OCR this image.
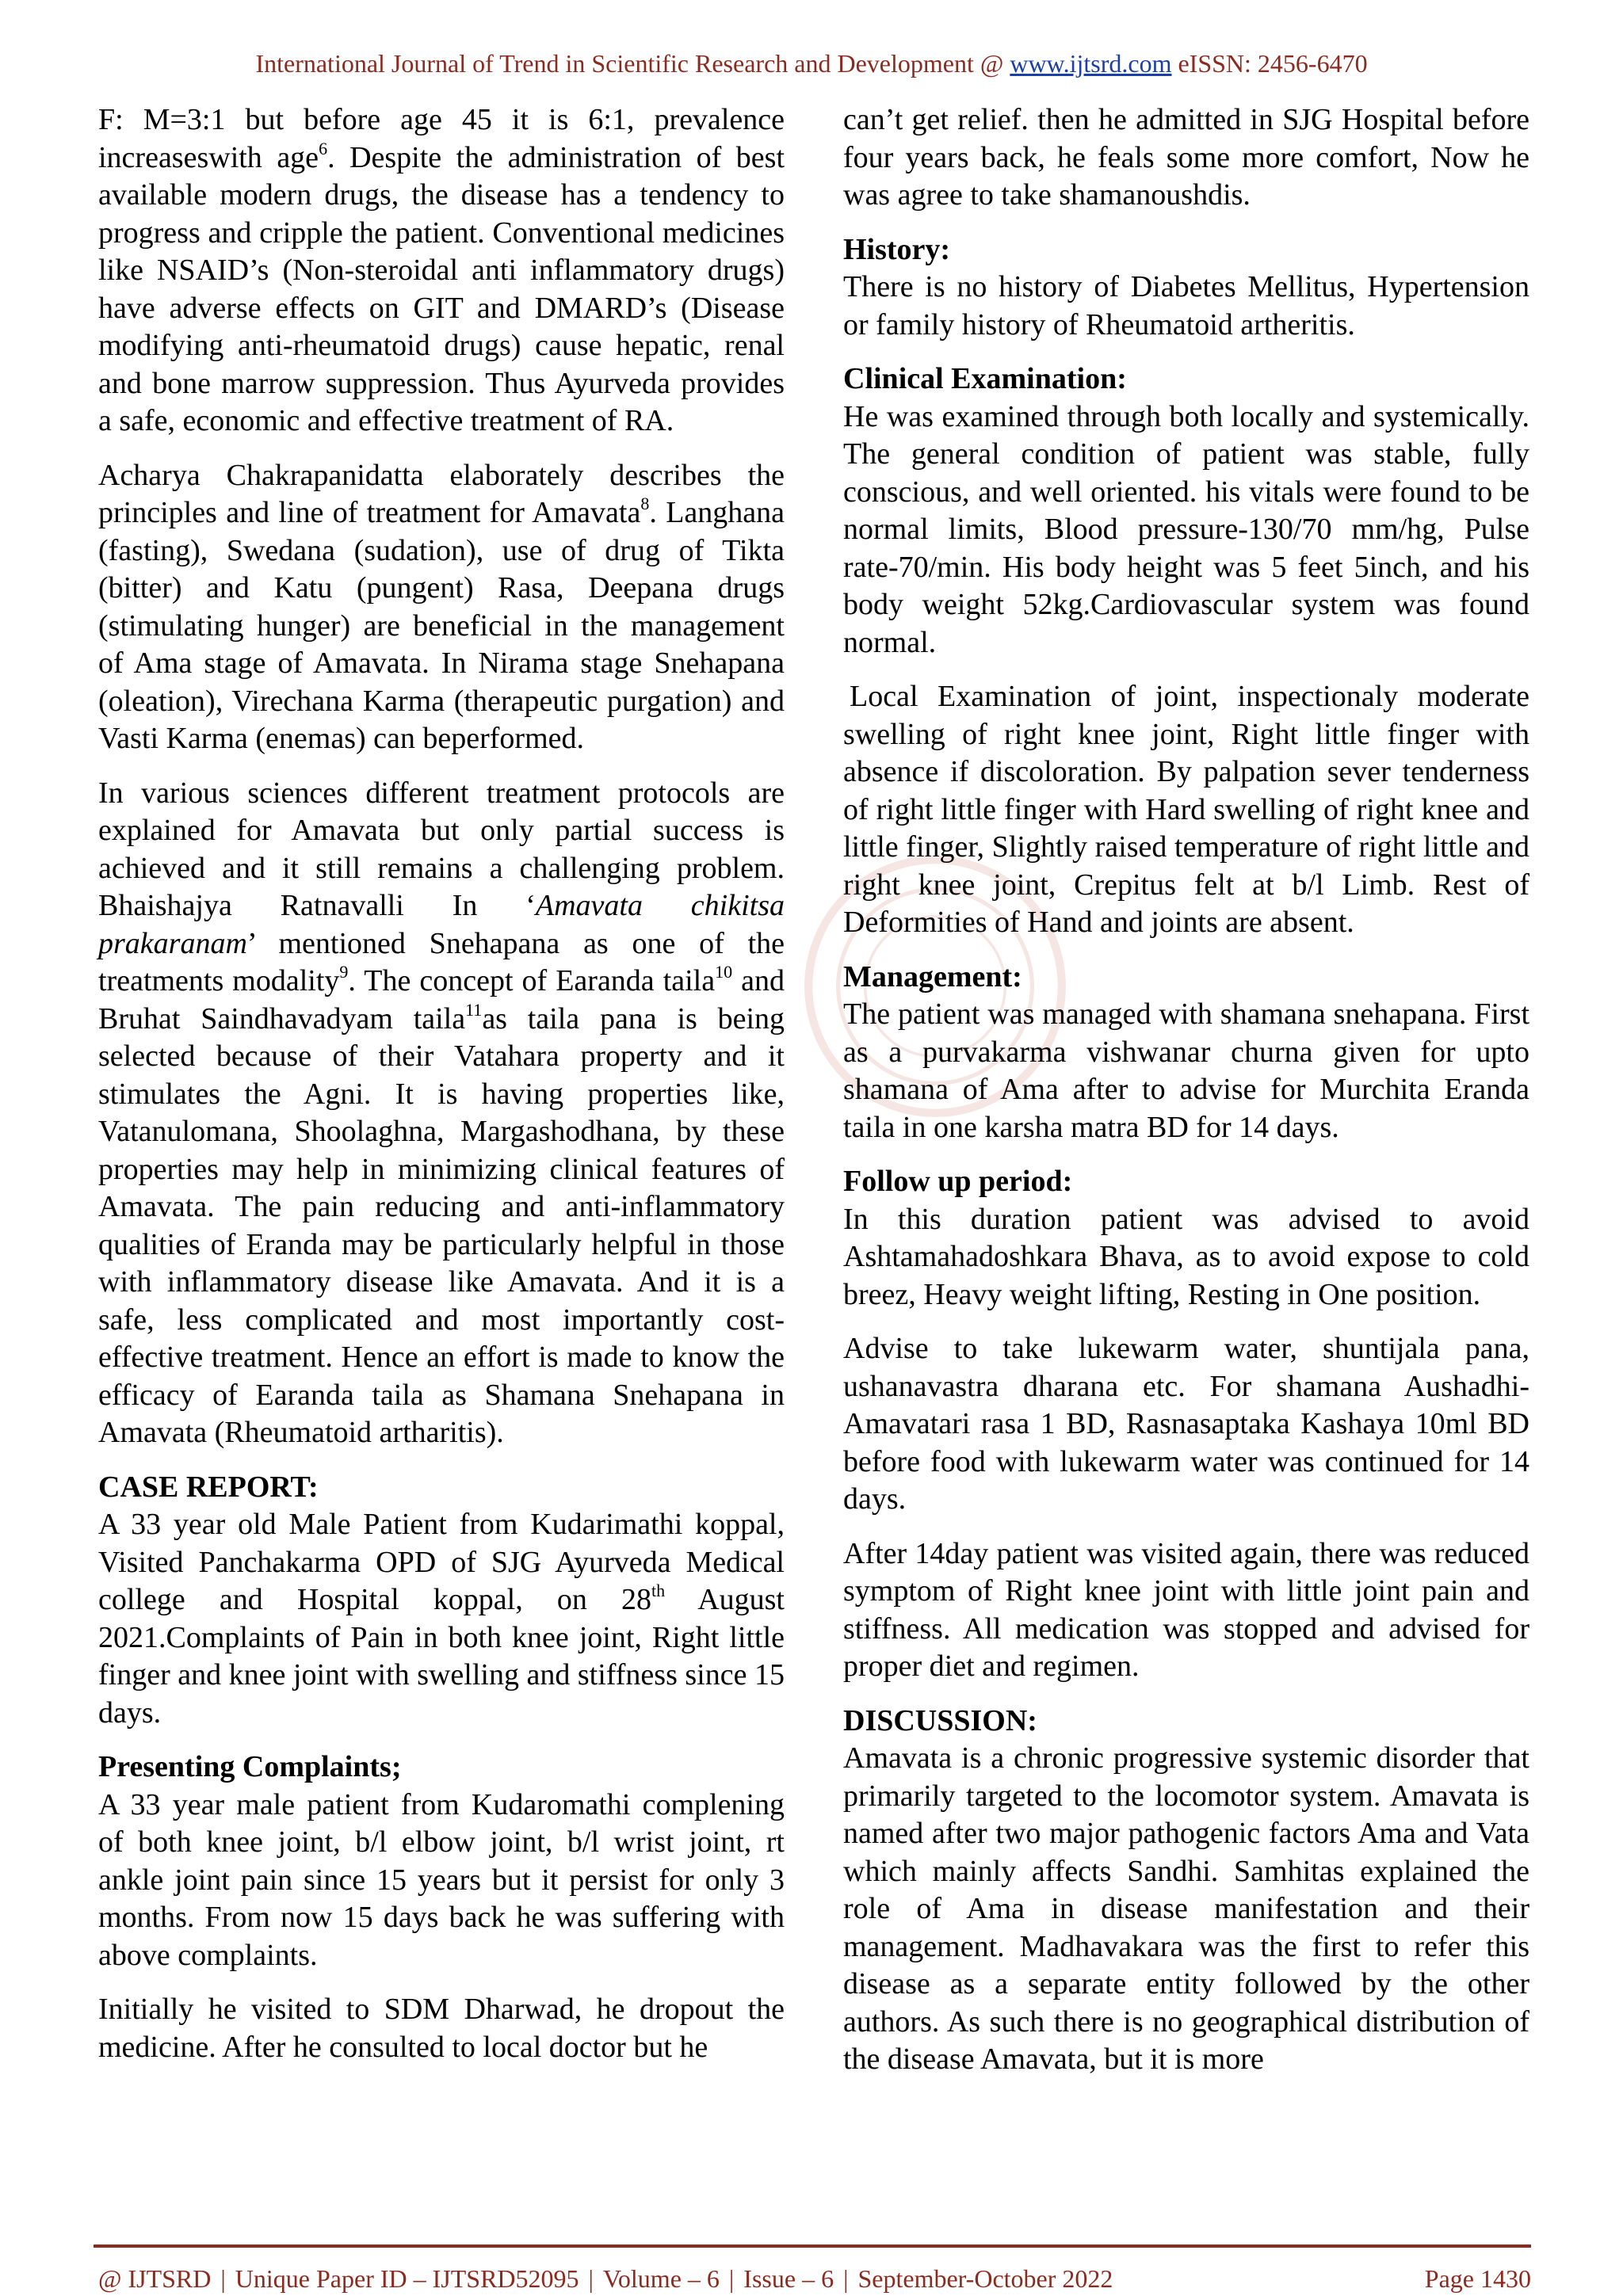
International Journal of Trend in Scientific Research and Development @ www.ijtsrd.com eISSN: 2456-6470

F: M=3:1 but before age 45 it is 6:1, prevalence increaseswith age$^6$. Despite the administration of best available modern drugs, the disease has a tendency to progress and cripple the patient. Conventional medicines like NSAID’s (Non-steroidal anti inflammatory drugs) have adverse effects on GIT and DMARD’s (Disease modifying anti-rheumatoid drugs) cause hepatic, renal and bone marrow suppression. Thus Ayurveda provides a safe, economic and effective treatment of RA.

Acharya Chakrapanidatta elaborately describes the principles and line of treatment for Amavata$^8$. Langhana (fasting), Swedana (sudation), use of drug of Tikta (bitter) and Katu (pungent) Rasa, Deepana drugs (stimulating hunger) are beneficial in the management of Ama stage of Amavata. In Nirama stage Snehapana (oleation), Virechana Karma (therapeutic purgation) and Vasti Karma (enemas) can beperformed.

In various sciences different treatment protocols are explained for Amavata but only partial success is achieved and it still remains a challenging problem. Bhaishajya Ratnavalli In ‘Amavata chikitsa prakaranam’ mentioned Snehapana as one of the treatments modality$^9$. The concept of Earanda taila$^{10}$ and Bruhat Saindhavadyam taila$^{11}$as taila pana is being selected because of their Vatahara property and it stimulates the Agni. It is having properties like, Vatanulomana, Shoolaghna, Margashodhana, by these properties may help in minimizing clinical features of Amavata. The pain reducing and anti-inflammatory qualities of Eranda may be particularly helpful in those with inflammatory disease like Amavata. And it is a safe, less complicated and most importantly cost-effective treatment. Hence an effort is made to know the efficacy of Earanda taila as Shamana Snehapana in Amavata (Rheumatoid artharitis).

CASE REPORT:

A 33 year old Male Patient from Kudarimathi koppal, Visited Panchakarma OPD of SJG Ayurveda Medical college and Hospital koppal, on 28th August 2021.Complaints of Pain in both knee joint, Right little finger and knee joint with swelling and stiffness since 15 days.

Presenting Complaints;

A 33 year male patient from Kudaromathi complening of both knee joint, b/l elbow joint, b/l wrist joint, rt ankle joint pain since 15 years but it persist for only 3 months. From now 15 days back he was suffering with above complaints.

Initially he visited to SDM Dharwad, he dropout the medicine. After he consulted to local doctor but he

can’t get relief. then he admitted in SJG Hospital before four years back, he feals some more comfort, Now he was agree to take shamanoushdis.

History:

There is no history of Diabetes Mellitus, Hypertension or family history of Rheumatoid artheritis.

Clinical Examination:

He was examined through both locally and systemically. The general condition of patient was stable, fully conscious, and well oriented. his vitals were found to be normal limits, Blood pressure-130/70 mm/hg, Pulse rate-70/min. His body height was 5 feet 5inch, and his body weight 52kg.Cardiovascular system was found normal.

Local Examination of joint, inspectionaly moderate swelling of right knee joint, Right little finger with absence if discoloration. By palpation sever tenderness of right little finger with Hard swelling of right knee and little finger, Slightly raised temperature of right little and right knee joint, Crepitus felt at b/l Limb. Rest of Deformities of Hand and joints are absent.

Management:

The patient was managed with shamana snehapana. First as a purvakarma vishwanar churna given for upto shamana of Ama after to advise for Murchita Eranda taila in one karsha matra BD for 14 days.

Follow up period:

In this duration patient was advised to avoid Ashtamahadoshkara Bhava, as to avoid expose to cold breez, Heavy weight lifting, Resting in One position.

Advise to take lukewarm water, shuntijala pana, ushanavastra dharana etc. For shamana Aushadhi-Amavatari rasa 1 BD, Rasnasaptaka Kashaya 10ml BD before food with lukewarm water was continued for 14 days.

After 14day patient was visited again, there was reduced symptom of Right knee joint with little joint pain and stiffness. All medication was stopped and advised for proper diet and regimen.

DISCUSSION:

Amavata is a chronic progressive systemic disorder that primarily targeted to the locomotor system. Amavata is named after two major pathogenic factors Ama and Vata which mainly affects Sandhi. Samhitas explained the role of Ama in disease manifestation and their management. Madhavakara was the first to refer this disease as a separate entity followed by the other authors. As such there is no geographical distribution of the disease Amavata, but it is more

@ IJTSRD | Unique Paper ID – IJTSRD52095 | Volume – 6 | Issue – 6 | September-October 2022	Page 1430
